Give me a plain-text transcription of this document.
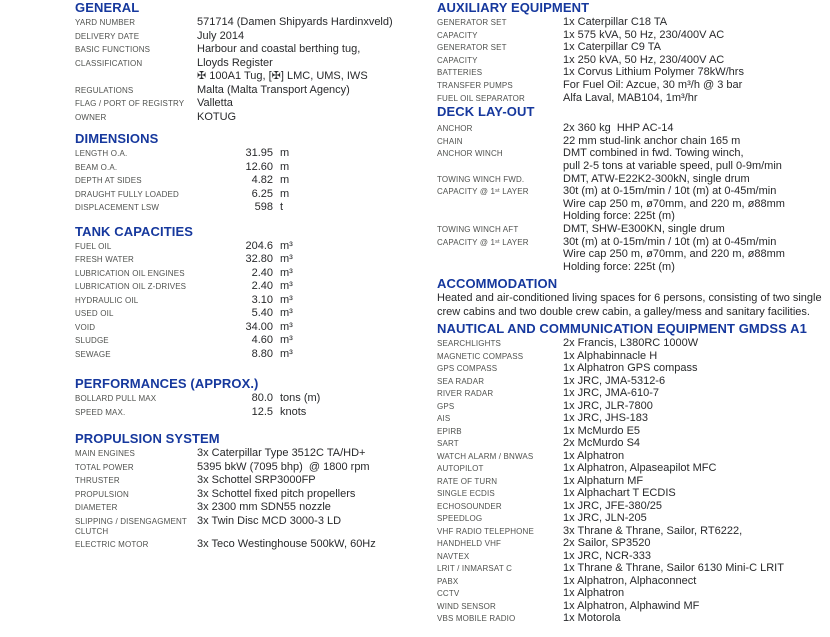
GENERAL
YARD NUMBER	571714 (Damen Shipyards Hardinxveld)
DELIVERY DATE	July 2014
BASIC FUNCTIONS	Harbour and coastal berthing tug,
CLASSIFICATION	Lloyds Register
✠ 100A1 Tug, [✠] LMC, UMS, IWS
REGULATIONS	Malta (Malta Transport Agency)
FLAG / PORT OF REGISTRY	Valletta
OWNER	KOTUG
DIMENSIONS
LENGTH O.A.	31.95 m
BEAM O.A.	12.60 m
DEPTH AT SIDES	4.82 m
DRAUGHT FULLY LOADED	6.25 m
DISPLACEMENT LSW	598 t
TANK CAPACITIES
FUEL OIL	204.6 m³
FRESH WATER	32.80 m³
LUBRICATION OIL ENGINES	2.40 m³
LUBRICATION OIL Z-DRIVES	2.40 m³
HYDRAULIC OIL	3.10 m³
USED OIL	5.40 m³
VOID	34.00 m³
SLUDGE	4.60 m³
SEWAGE	8.80 m³
PERFORMANCES (APPROX.)
BOLLARD PULL MAX	80.0 tons (m)
SPEED MAX.	12.5 knots
PROPULSION SYSTEM
MAIN ENGINES	3x Caterpillar Type 3512C TA/HD+
TOTAL POWER	5395 bkW (7095 bhp)  @ 1800 rpm
THRUSTER	3x Schottel SRP3000FP
PROPULSION	3x Schottel fixed pitch propellers
DIAMETER	3x 2300 mm SDN55 nozzle
SLIPPING / DISENGAGMENT CLUTCH
3x Twin Disc MCD 3000-3 LD
ELECTRIC MOTOR	3x Teco Westinghouse 500kW, 60Hz
AUXILIARY EQUIPMENT
GENERATOR SET	1x Caterpillar C18 TA
CAPACITY	1x 575 kVA, 50 Hz, 230/400V AC
GENERATOR SET	1x Caterpillar C9 TA
CAPACITY	1x 250 kVA, 50 Hz, 230/400V AC
BATTERIES	1x Corvus Lithium Polymer 78kW/hrs
TRANSFER PUMPS	For Fuel Oil: Azcue, 30 m³/h @ 3 bar
FUEL OIL SEPARATOR	Alfa Laval, MAB104, 1m³/hr
DECK LAY-OUT
ANCHOR	2x 360 kg  HHP AC-14
CHAIN	22 mm stud-link anchor chain 165 m
ANCHOR WINCH	DMT combined in fwd. Towing winch,
pull 2-5 tons at variable speed, pull 0-9m/min
TOWING WINCH FWD.	DMT, ATW-E22K2-300kN, single drum
CAPACITY @ 1ˢᵗ LAYER	30t (m) at 0-15m/min / 10t (m) at 0-45m/min
Wire cap 250 m, ø70mm, and 220 m, ø88mm
Holding force: 225t (m)
TOWING WINCH AFT	DMT, SHW-E300KN, single drum
CAPACITY @ 1ˢᵗ LAYER	30t (m) at 0-15m/min / 10t (m) at 0-45m/min
Wire cap 250 m, ø70mm, and 220 m, ø88mm
Holding force: 225t (m)
ACCOMMODATION

Heated and air-conditioned living spaces for 6 persons, consisting of two single crew cabins and two double crew cabin, a galley/mess and sanitary facilities.

NAUTICAL AND COMMUNICATION EQUIPMENT GMDSS A1
SEARCHLIGHTS	2x Francis, L380RC 1000W
MAGNETIC COMPASS	1x Alphabinnacle H
GPS COMPASS	1x Alphatron GPS compass
SEA RADAR	1x JRC, JMA-5312-6
RIVER RADAR	1x JRC, JMA-610-7
GPS	1x JRC, JLR-7800
AIS	1x JRC, JHS-183
EPIRB	1x McMurdo E5
SART	2x McMurdo S4
WATCH ALARM / BNWAS	1x Alphatron
AUTOPILOT	1x Alphatron, Alpaseapilot MFC
RATE OF TURN	1x Alphaturn MF
SINGLE ECDIS	1x Alphachart T ECDIS
ECHOSOUNDER	1x JRC, JFE-380/25
SPEEDLOG	1x JRC, JLN-205
VHF RADIO TELEPHONE	3x Thrane & Thrane, Sailor, RT6222,
HANDHELD VHF	2x Sailor, SP3520
NAVTEX	1x JRC, NCR-333
LRIT / INMARSAT C	1x Thrane & Thrane, Sailor 6130 Mini-C LRIT
PABX	1x Alphatron, Alphaconnect
CCTV	1x Alphatron
WIND SENSOR	1x Alphatron, Alphawind MF
VBS MOBILE RADIO	1x Motorola
